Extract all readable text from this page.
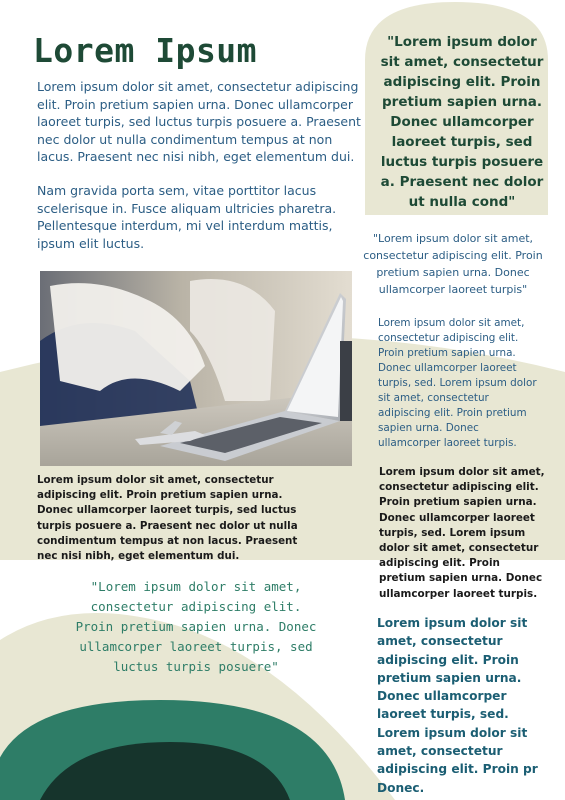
Lorem Ipsum

Lorem ipsum dolor sit amet, consectetur adipiscing elit. Proin pretium sapien urna. Donec ullamcorper laoreet turpis, sed luctus turpis posuere a. Praesent nec dolor ut nulla condimentum tempus at non lacus. Praesent nec nisi nibh, eget elementum dui.

Nam gravida porta sem, vitae porttitor lacus scelerisque in. Fusce aliquam ultricies pharetra. Pellentesque interdum, mi vel interdum mattis, ipsum elit luctus.

Lorem ipsum dolor sit amet, consectetur adipiscing elit. Proin pretium sapien urna. Donec ullamcorper laoreet turpis, sed luctus turpis posuere a. Praesent nec dolor ut nulla condimentum tempus at non lacus. Praesent nec nisi nibh, eget elementum dui.

"Lorem ipsum dolor sit amet, consectetur adipiscing elit. Proin pretium sapien urna. Donec ullamcorper laoreet turpis, sed luctus turpis posuere"

"Lorem ipsum dolor sit amet, consectetur adipiscing elit. Proin pretium sapien urna. Donec ullamcorper laoreet turpis, sed luctus turpis posuere a. Praesent nec dolor ut nulla cond"

"Lorem ipsum dolor sit amet, consectetur adipiscing elit. Proin pretium sapien urna. Donec ullamcorper laoreet turpis"

Lorem ipsum dolor sit amet, consectetur adipiscing elit. Proin pretium sapien urna. Donec ullamcorper laoreet turpis, sed. Lorem ipsum dolor sit amet, consectetur adipiscing elit. Proin pretium sapien urna. Donec ullamcorper laoreet turpis.

Lorem ipsum dolor sit amet, consectetur adipiscing elit. Proin pretium sapien urna. Donec ullamcorper laoreet turpis, sed. Lorem ipsum dolor sit amet, consectetur adipiscing elit. Proin pretium sapien urna. Donec ullamcorper laoreet turpis.

Lorem ipsum dolor sit amet, consectetur adipiscing elit. Proin pretium sapien urna. Donec ullamcorper laoreet turpis, sed. Lorem ipsum dolor sit amet, consectetur adipiscing elit. Proin pr Donec.
